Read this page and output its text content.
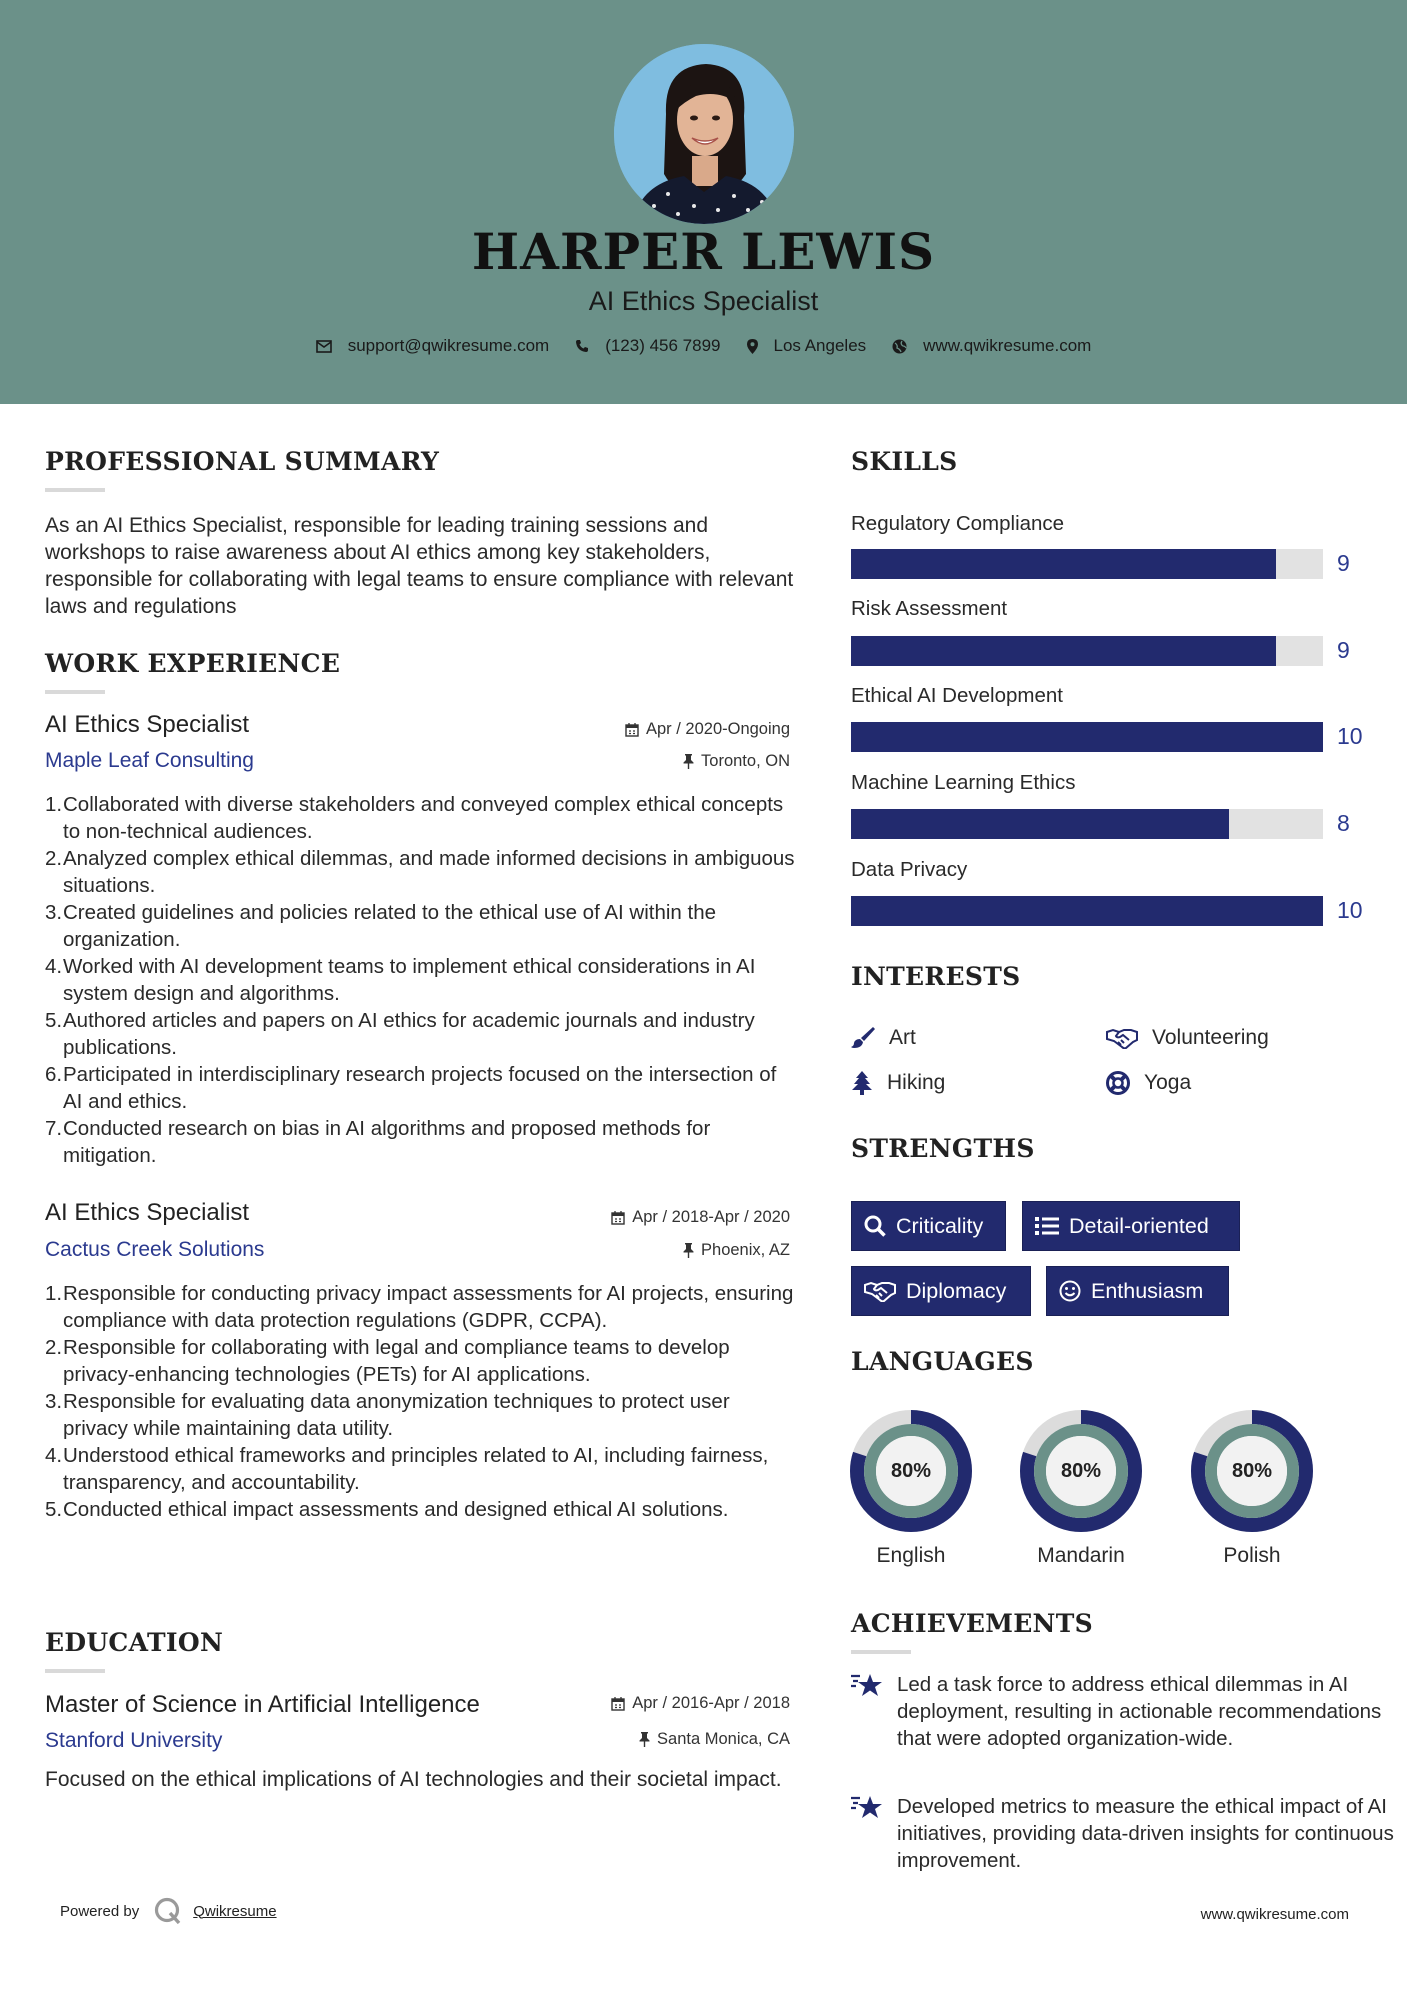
HARPER LEWIS
AI Ethics Specialist
support@qwikresume.com	(123) 456 7899	Los Angeles	www.qwikresume.com
PROFESSIONAL SUMMARY
As an AI Ethics Specialist, responsible for leading training sessions and workshops to raise awareness about AI ethics among key stakeholders, responsible for collaborating with legal teams to ensure compliance with relevant laws and regulations
WORK EXPERIENCE
AI Ethics Specialist	Apr / 2020-Ongoing
Maple Leaf Consulting	Toronto, ON
1. Collaborated with diverse stakeholders and conveyed complex ethical concepts to non-technical audiences.
2. Analyzed complex ethical dilemmas, and made informed decisions in ambiguous situations.
3. Created guidelines and policies related to the ethical use of AI within the organization.
4. Worked with AI development teams to implement ethical considerations in AI system design and algorithms.
5. Authored articles and papers on AI ethics for academic journals and industry publications.
6. Participated in interdisciplinary research projects focused on the intersection of AI and ethics.
7. Conducted research on bias in AI algorithms and proposed methods for mitigation.
AI Ethics Specialist	Apr / 2018-Apr / 2020
Cactus Creek Solutions	Phoenix, AZ
1. Responsible for conducting privacy impact assessments for AI projects, ensuring compliance with data protection regulations (GDPR, CCPA).
2. Responsible for collaborating with legal and compliance teams to develop privacy-enhancing technologies (PETs) for AI applications.
3. Responsible for evaluating data anonymization techniques to protect user privacy while maintaining data utility.
4. Understood ethical frameworks and principles related to AI, including fairness, transparency, and accountability.
5. Conducted ethical impact assessments and designed ethical AI solutions.
EDUCATION
Master of Science in Artificial Intelligence	Apr / 2016-Apr / 2018
Stanford University	Santa Monica, CA
Focused on the ethical implications of AI technologies and their societal impact.
SKILLS
Regulatory Compliance
9
Risk Assessment
9
Ethical AI Development
10
Machine Learning Ethics
8
Data Privacy
10
INTERESTS
Art	Volunteering
Hiking	Yoga
STRENGTHS
Criticality	Detail-oriented
Diplomacy	Enthusiasm
LANGUAGES
80%
English
80%
Mandarin
80%
Polish
ACHIEVEMENTS

Led a task force to address ethical dilemmas in AI deployment, resulting in actionable recommendations that were adopted organization-wide.

Developed metrics to measure the ethical impact of AI initiatives, providing data-driven insights for continuous improvement.

Powered by	Qwikresume	www.qwikresume.com
